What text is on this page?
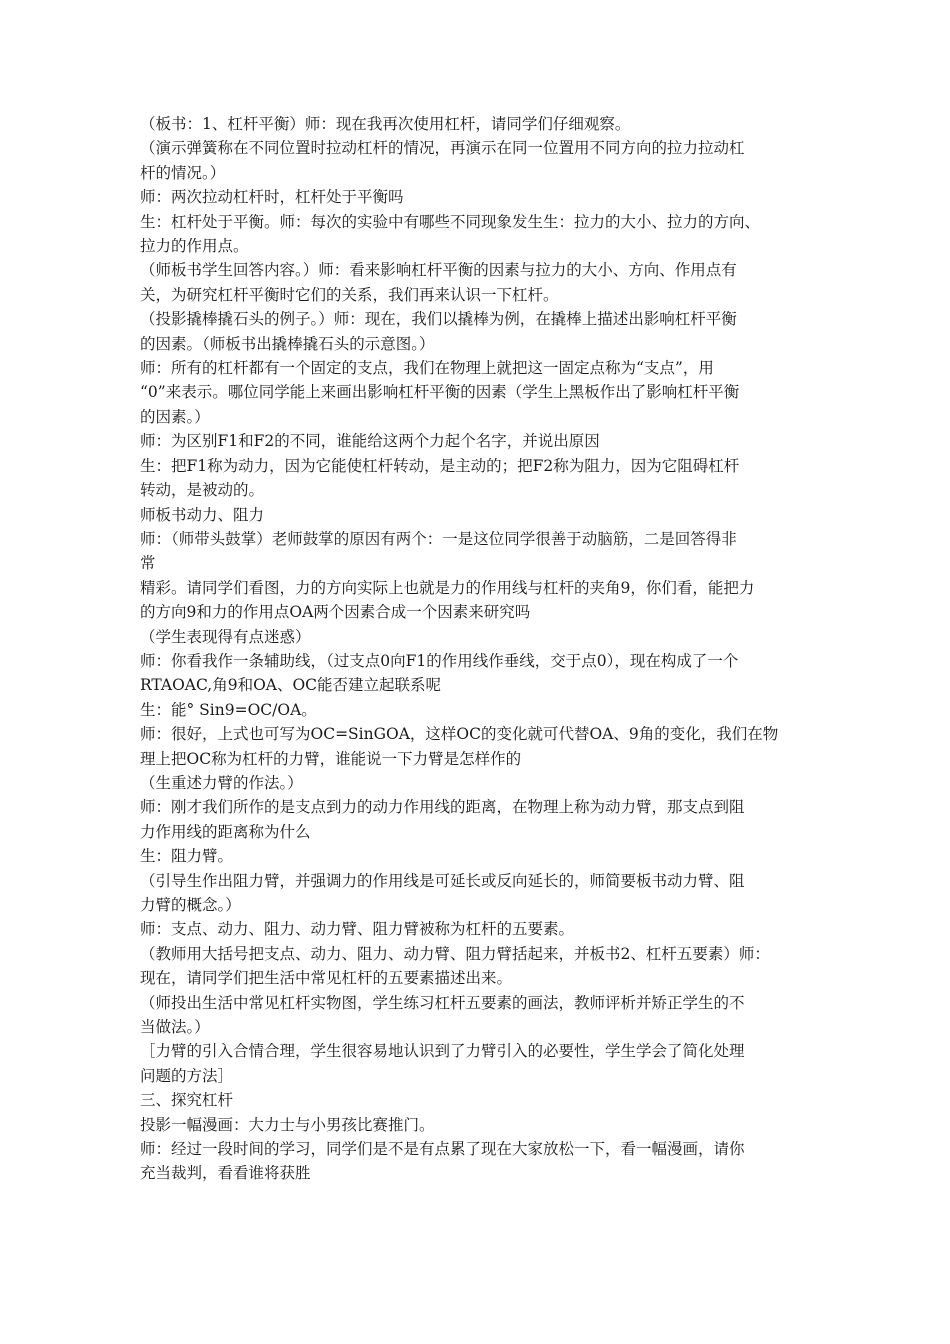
（板书：1、杠杆平衡）师：现在我再次使用杠杆，请同学们仔细观察。

（演示弹簧称在不同位置时拉动杠杆的情况，再演示在同一位置用不同方向的拉力拉动杠

杆的情况。）

师：两次拉动杠杆时，杠杆处于平衡吗

生：杠杆处于平衡。师：每次的实验中有哪些不同现象发生生：拉力的大小、拉力的方向、

拉力的作用点。

（师板书学生回答内容。）师：看来影响杠杆平衡的因素与拉力的大小、方向、作用点有

关，为研究杠杆平衡时它们的关系，我们再来认识一下杠杆。

（投影撬棒撬石头的例子。）师：现在，我们以撬棒为例，在撬棒上描述出影响杠杆平衡

的因素。（师板书出撬棒撬石头的示意图。）

师：所有的杠杆都有一个固定的支点，我们在物理上就把这一固定点称为“支点”，用

“0”来表示。哪位同学能上来画出影响杠杆平衡的因素（学生上黑板作出了影响杠杆平衡

的因素。）

师：为区别F1和F2的不同，谁能给这两个力起个名字，并说出原因

生：把F1称为动力，因为它能使杠杆转动，是主动的；把F2称为阻力，因为它阻碍杠杆

转动，是被动的。

师板书动力、阻力

师：（师带头鼓掌）老师鼓掌的原因有两个：一是这位同学很善于动脑筋，二是回答得非

常

精彩。请同学们看图，力的方向实际上也就是力的作用线与杠杆的夹角9，你们看，能把力

的方向9和力的作用点OA两个因素合成一个因素来研究吗

（学生表现得有点迷惑）

师：你看我作一条辅助线，（过支点0向F1的作用线作垂线，交于点0），现在构成了一个

RTAOAC,角9和OA、OC能否建立起联系呢

生：能° Sin9=OC/OA。

师：很好，上式也可写为OC=SinGOA，这样OC的变化就可代替OA、9角的变化，我们在物

理上把OC称为杠杆的力臂，谁能说一下力臂是怎样作的

（生重述力臂的作法。）

师：刚才我们所作的是支点到力的动力作用线的距离，在物理上称为动力臂，那支点到阻

力作用线的距离称为什么

生：阻力臂。

（引导生作出阻力臂，并强调力的作用线是可延长或反向延长的，师简要板书动力臂、阻

力臂的概念。）

师：支点、动力、阻力、动力臂、阻力臂被称为杠杆的五要素。

（教师用大括号把支点、动力、阻力、动力臂、阻力臂括起来，并板书2、杠杆五要素）师：

现在，请同学们把生活中常见杠杆的五要素描述出来。

（师投出生活中常见杠杆实物图，学生练习杠杆五要素的画法，教师评析并矫正学生的不

当做法。）

［力臂的引入合情合理，学生很容易地认识到了力臂引入的必要性，学生学会了简化处理

问题的方法］

三、探究杠杆

投影一幅漫画：大力士与小男孩比赛推门。

师：经过一段时间的学习，同学们是不是有点累了现在大家放松一下，看一幅漫画，请你

充当裁判，看看谁将获胜
